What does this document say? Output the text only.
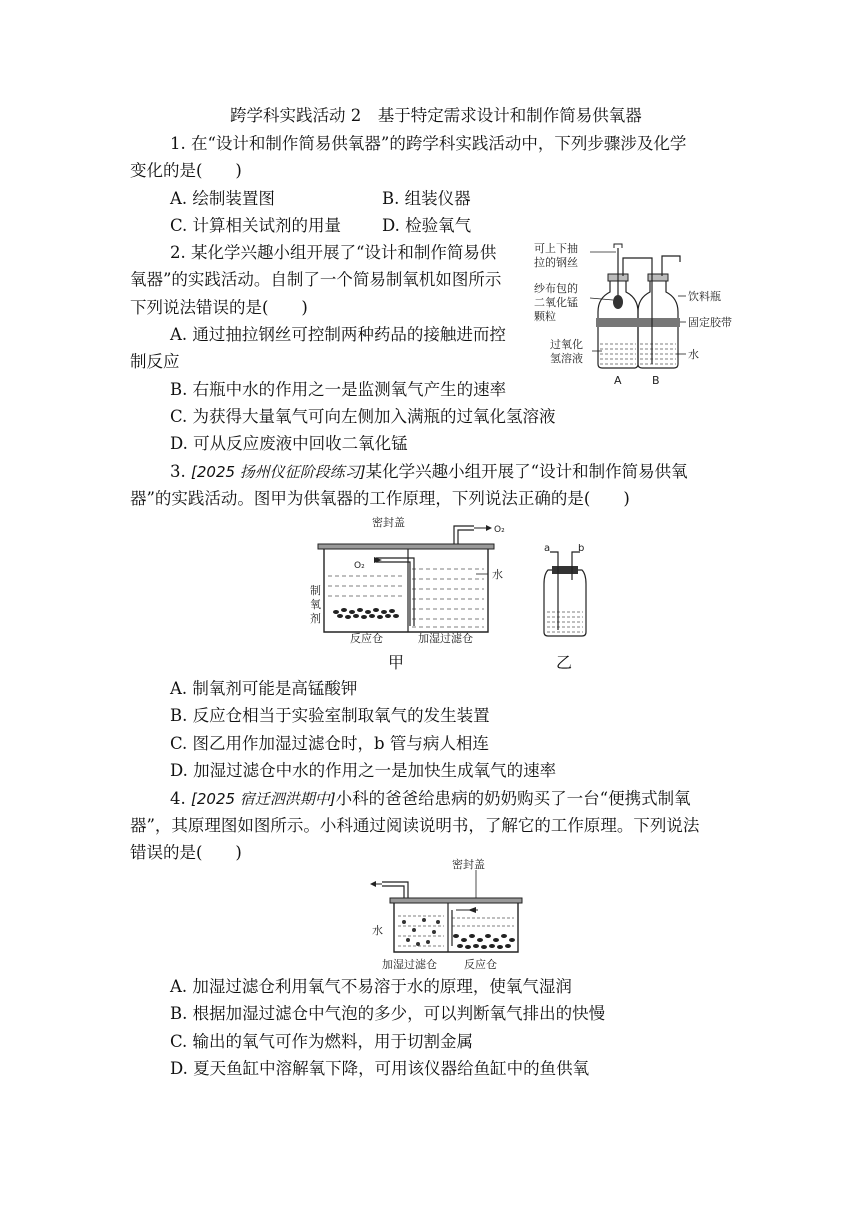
跨学科实践活动 2　基于特定需求设计和制作简易供氧器
1. 在“设计和制作简易供氧器”的跨学科实践活动中，下列步骤涉及化学
变化的是(　　)
A. 绘制装置图	B. 组装仪器
C. 计算相关试剂的用量 D. 检验氧气
2. 某化学兴趣小组开展了“设计和制作简易供
氧器”的实践活动。自制了一个简易制氧机如图所示
下列说法错误的是(　　)
A. 通过抽拉钢丝可控制两种药品的接触进而控
制反应
B. 右瓶中水的作用之一是监测氧气产生的速率
C. 为获得大量氧气可向左侧加入满瓶的过氧化氢溶液
D. 可从反应废液中回收二氧化锰
可上下抽
拉的钢丝
纱布包的
二氧化锰
颗粒
过氧化
氢溶液
饮料瓶
固定胶带
水
A	B
3. [2025 扬州仪征阶段练习]某化学兴趣小组开展了“设计和制作简易供氧
器”的实践活动。图甲为供氧器的工作原理，下列说法正确的是(　　)
密封盖
O₂
O₂
水
制
氧
剂
反应仓	加湿过滤仓
甲
a	b
乙
A. 制氧剂可能是高锰酸钾
B. 反应仓相当于实验室制取氧气的发生装置
C. 图乙用作加湿过滤仓时，b 管与病人相连
D. 加湿过滤仓中水的作用之一是加快生成氧气的速率
4. [2025 宿迁泗洪期中]小科的爸爸给患病的奶奶购买了一台“便携式制氧
器”，其原理图如图所示。小科通过阅读说明书，了解它的工作原理。下列说法
错误的是(　　)
密封盖
水
加湿过滤仓 反应仓
A. 加湿过滤仓利用氧气不易溶于水的原理，使氧气湿润
B. 根据加湿过滤仓中气泡的多少，可以判断氧气排出的快慢
C. 输出的氧气可作为燃料，用于切割金属
D. 夏天鱼缸中溶解氧下降，可用该仪器给鱼缸中的鱼供氧
